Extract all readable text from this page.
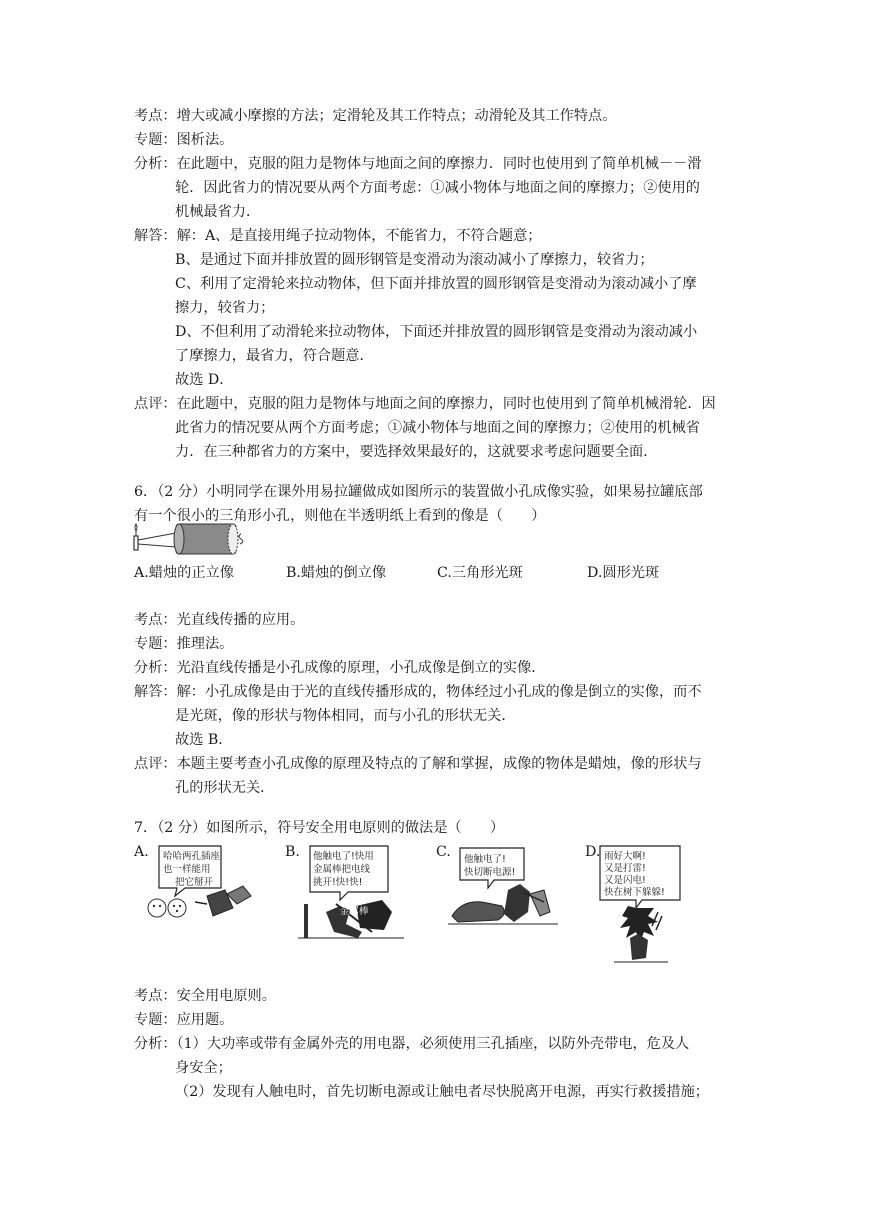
考点：增大或减小摩擦的方法；定滑轮及其工作特点；动滑轮及其工作特点。
专题：图析法。
分析：在此题中，克服的阻力是物体与地面之间的摩擦力．同时也使用到了简单机械－－滑
轮．因此省力的情况要从两个方面考虑：①减小物体与地面之间的摩擦力；②使用的
机械最省力．
解答：解：A、是直接用绳子拉动物体，不能省力，不符合题意；
B、是通过下面并排放置的圆形钢管是变滑动为滚动减小了摩擦力，较省力；
C、利用了定滑轮来拉动物体，但下面并排放置的圆形钢管是变滑动为滚动减小了摩
擦力，较省力；
D、不但利用了动滑轮来拉动物体，下面还并排放置的圆形钢管是变滑动为滚动减小
了摩擦力，最省力，符合题意．
故选 D．
点评：在此题中，克服的阻力是物体与地面之间的摩擦力，同时也使用到了简单机械滑轮．因
此省力的情况要从两个方面考虑；①减小物体与地面之间的摩擦力；②使用的机械省
力．在三种都省力的方案中，要选择效果最好的，这就要求考虑问题要全面．
6．（2 分）小明同学在课外用易拉罐做成如图所示的装置做小孔成像实验，如果易拉罐底部
有一个很小的三角形小孔，则他在半透明纸上看到的像是（　　）
A.蜡烛的正立像	B.蜡烛的倒立像	C.三角形光斑	D.圆形光斑
考点：光直线传播的应用。
专题：推理法。
分析：光沿直线传播是小孔成像的原理，小孔成像是倒立的实像．
解答：解：小孔成像是由于光的直线传播形成的，物体经过小孔成的像是倒立的实像，而不
是光斑，像的形状与物体相同，而与小孔的形状无关．
故选 B．
点评：本题主要考查小孔成像的原理及特点的了解和掌握，成像的物体是蜡烛，像的形状与
孔的形状无关．
7．（2 分）如图所示，符号安全用电原则的做法是（　　）
A.	B.	C.	D.
哈哈两孔插座
也一样能用
把它掰开
他触电了!快用
金属棒把电线
挑开!快!快!
金属棒
他触电了!
快切断电源!
雨好大啊!
又是打雷!
又是闪电!
快在树下躲躲!
考点：安全用电原则。
专题：应用题。
分析：（1）大功率或带有金属外壳的用电器，必须使用三孔插座，以防外壳带电，危及人
身安全；
（2）发现有人触电时，首先切断电源或让触电者尽快脱离开电源，再实行救援措施；
